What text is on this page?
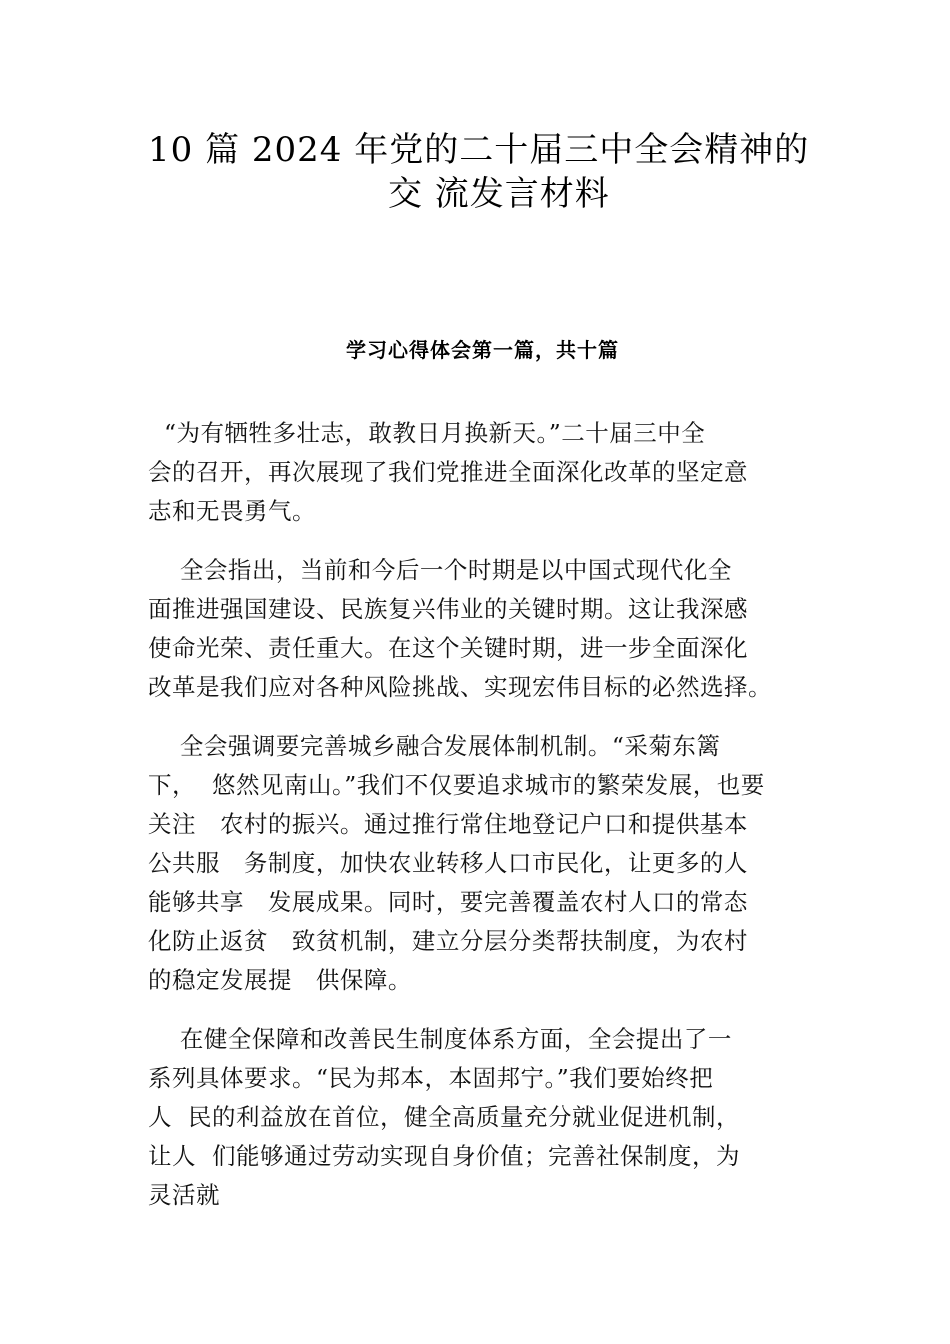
10 篇 2024 年党的二十届三中全会精神的
交 流发言材料
学习心得体会第一篇，共十篇
“为有牺牲多壮志，敢教日月换新天。”二十届三中全
会的召开，再次展现了我们党推进全面深化改革的坚定意
志和无畏勇气。
全会指出，当前和今后一个时期是以中国式现代化全
面推进强国建设、民族复兴伟业的关键时期。这让我深感
使命光荣、责任重大。在这个关键时期，进一步全面深化
改革是我们应对各种风险挑战、实现宏伟目标的必然选择。
全会强调要完善城乡融合发展体制机制。“采菊东篱
下，  悠然见南山。”我们不仅要追求城市的繁荣发展，也要
关注   农村的振兴。通过推行常住地登记户口和提供基本
公共服   务制度，加快农业转移人口市民化，让更多的人
能够共享   发展成果。同时，要完善覆盖农村人口的常态
化防止返贫   致贫机制，建立分层分类帮扶制度，为农村
的稳定发展提   供保障。
在健全保障和改善民生制度体系方面，全会提出了一
系列具体要求。“民为邦本，本固邦宁。”我们要始终把
人  民的利益放在首位，健全高质量充分就业促进机制，
让人  们能够通过劳动实现自身价值；完善社保制度，为
灵活就
